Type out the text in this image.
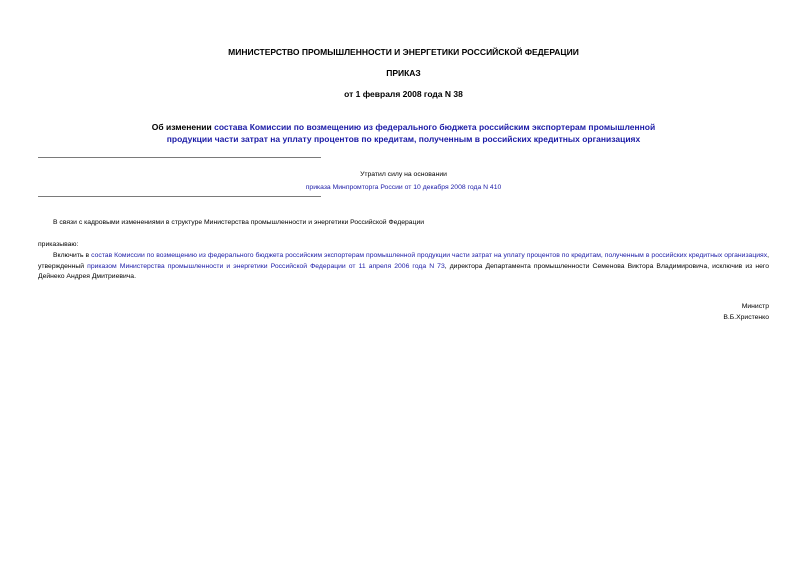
МИНИСТЕРСТВО ПРОМЫШЛЕННОСТИ И ЭНЕРГЕТИКИ РОССИЙСКОЙ ФЕДЕРАЦИИ
ПРИКАЗ
от 1 февраля 2008 года N 38
Об изменении состава Комиссии по возмещению из федерального бюджета российским экспортерам промышленной продукции части затрат на уплату процентов по кредитам, полученным в российских кредитных организациях
Утратил силу на основании
приказа Минпромторга России от 10 декабря 2008 года N 410
В связи с кадровыми изменениями в структуре Министерства промышленности и энергетики Российской Федерации
приказываю:
Включить в состав Комиссии по возмещению из федерального бюджета российским экспортерам промышленной продукции части затрат на уплату процентов по кредитам, полученным в российских кредитных организациях, утвержденный приказом Министерства промышленности и энергетики Российской Федерации от 11 апреля 2006 года N 73, директора Департамента промышленности Семенова Виктора Владимировича, исключив из него Дейнеко Андрея Дмитриевича.
Министр
В.Б.Христенко
